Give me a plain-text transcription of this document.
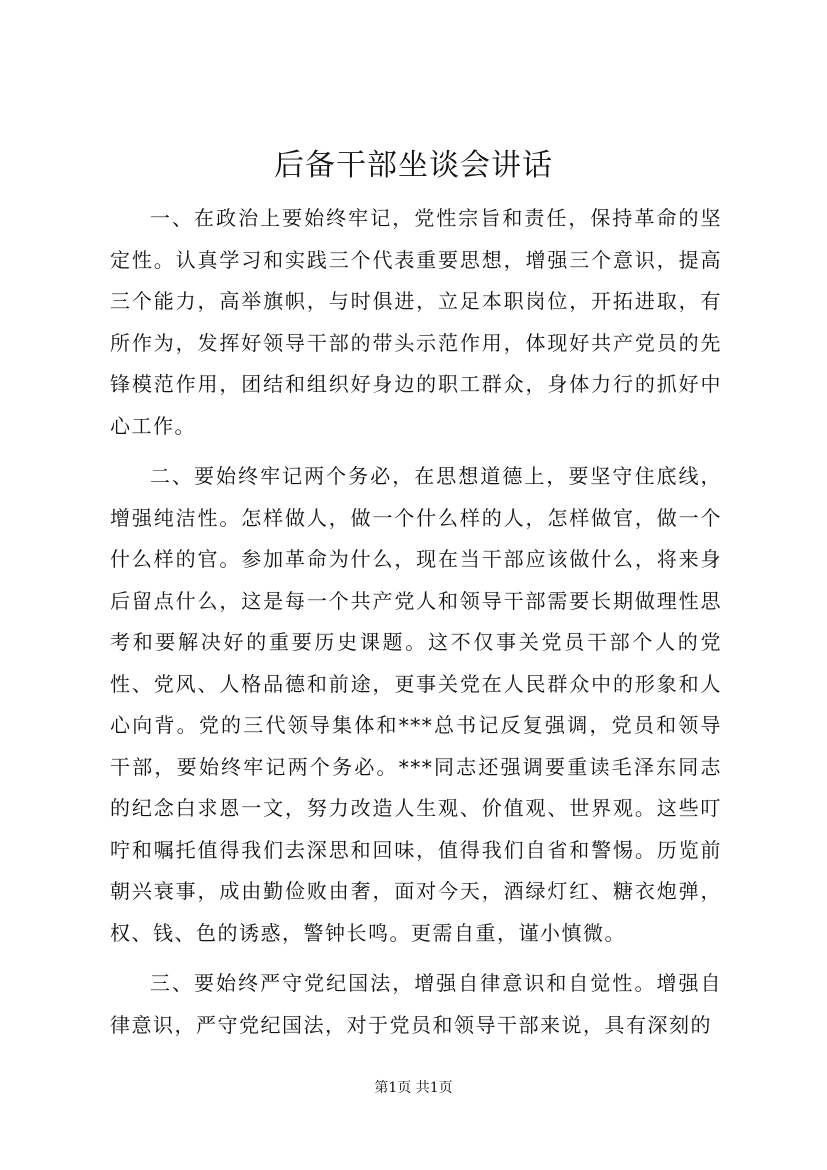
后备干部坐谈会讲话

一、在政治上要始终牢记，党性宗旨和责任，保持革命的坚定性。认真学习和实践三个代表重要思想，增强三个意识，提高三个能力，高举旗帜，与时俱进，立足本职岗位，开拓进取，有所作为，发挥好领导干部的带头示范作用，体现好共产党员的先锋模范作用，团结和组织好身边的职工群众，身体力行的抓好中心工作。

二、要始终牢记两个务必，在思想道德上，要坚守住底线，增强纯洁性。怎样做人，做一个什么样的人，怎样做官，做一个什么样的官。参加革命为什么，现在当干部应该做什么，将来身后留点什么，这是每一个共产党人和领导干部需要长期做理性思考和要解决好的重要历史课题。这不仅事关党员干部个人的党性、党风、人格品德和前途，更事关党在人民群众中的形象和人心向背。党的三代领导集体和***总书记反复强调，党员和领导干部，要始终牢记两个务必。***同志还强调要重读毛泽东同志的纪念白求恩一文，努力改造人生观、价值观、世界观。这些叮咛和嘱托值得我们去深思和回味，值得我们自省和警惕。历览前朝兴衰事，成由勤俭败由奢，面对今天，酒绿灯红、糖衣炮弹，权、钱、色的诱惑，警钟长鸣。更需自重，谨小慎微。

三、要始终严守党纪国法，增强自律意识和自觉性。增强自律意识，严守党纪国法，对于党员和领导干部来说，具有深刻的

第1页 共1页
